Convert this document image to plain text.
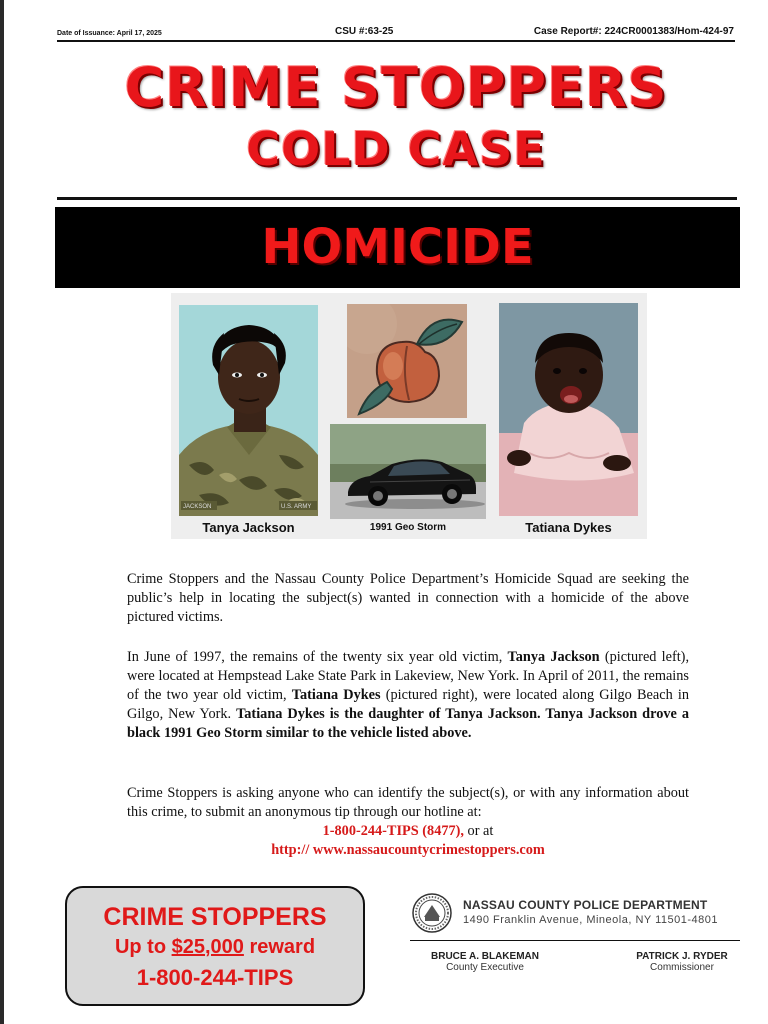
Date of Issuance: April 17, 2025	CSU #:63-25	Case Report#: 224CR0001383/Hom-424-97
CRIME STOPPERS
COLD CASE
HOMICIDE
JACKSON	U.S. ARMY
Tanya Jackson	1991 Geo Storm	Tatiana Dykes
Crime Stoppers and the Nassau County Police Department’s Homicide Squad are seeking the public’s help in locating the subject(s) wanted in connection with a homicide of the above pictured victims.
In June of 1997, the remains of the twenty six year old victim, Tanya Jackson (pictured left), were located at Hempstead Lake State Park in Lakeview, New York. In April of 2011, the remains of the two year old victim, Tatiana Dykes (pictured right), were located along Gilgo Beach in Gilgo, New York. Tatiana Dykes is the daughter of Tanya Jackson. Tanya Jackson drove a black 1991 Geo Storm similar to the vehicle listed above.
Crime Stoppers is asking anyone who can identify the subject(s), or with any information about this crime, to submit an anonymous tip through our hotline at:
1-800-244-TIPS (8477), or at
http:// www.nassaucountycrimestoppers.com
CRIME STOPPERS
Up to $25,000 reward
1-800-244-TIPS
NASSAU COUNTY POLICE DEPARTMENT
1490 Franklin Avenue, Mineola, NY 11501-4801
BRUCE A. BLAKEMAN
County Executive
PATRICK J. RYDER
Commissioner
